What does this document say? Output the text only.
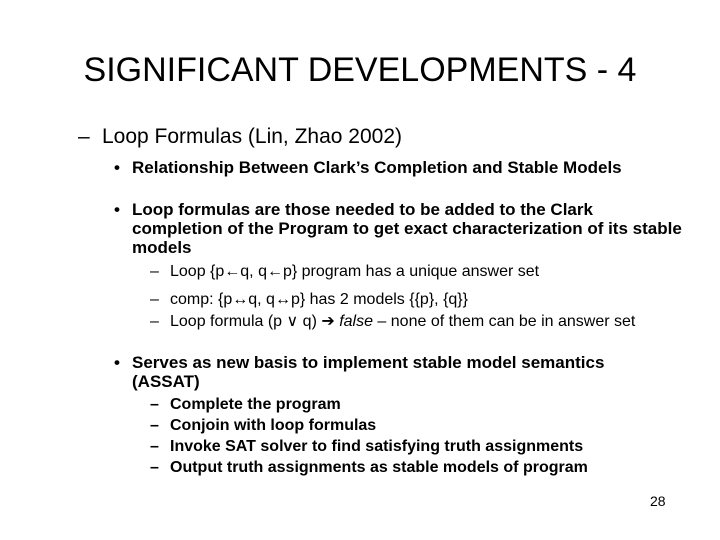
SIGNIFICANT DEVELOPMENTS - 4
– Loop Formulas (Lin, Zhao 2002)
• Relationship Between Clark’s Completion and Stable Models
• Loop formulas are those needed to be added to the Clark completion of the Program to get exact characterization of its stable models
– Loop {p←q, q←p} program has a unique answer set
– comp: {p↔q, q↔p} has 2 models {{p}, {q}}
– Loop formula (p ∨ q) ➔ false – none of them can be in answer set
• Serves as new basis to implement stable model semantics (ASSAT)
– Complete the program
– Conjoin with loop formulas
– Invoke SAT solver to find satisfying truth assignments
– Output truth assignments as stable models of program
28
